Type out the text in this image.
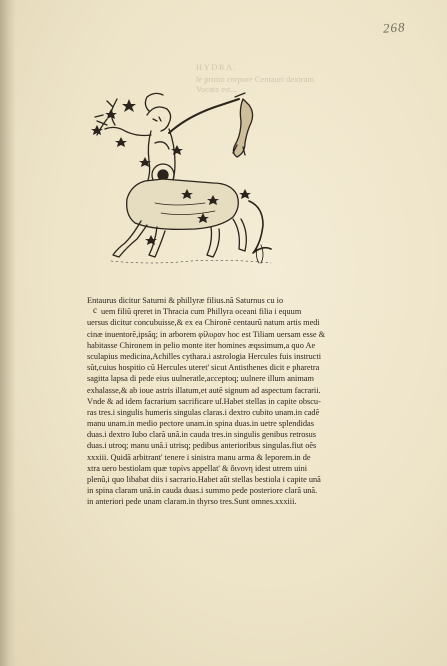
268
HYDRA.
le primo corpore Centauri dextram
Vocata est...
c
Entaurus dicitur Saturni & phillyræ filius.nã Saturnus cu io
uem filiũ qreret in Thracia cum Phillyra oceani filia i equum
uersus dicitur concubuisse,& ex ea Chironẽ centaurũ natum artis medi
cinæ inuentorẽ,ipsãq; in arborem φίλυραν hoc est Tiliam uersam esse &
habitasse Chironem in pelio monte iter homines æqssimum,a quo Ae
sculapius medicina,Achilles cythara.i astrologia Hercules fuis instructi
sũt,cuius hospitio cũ Hercules uteret' sicut Antisthenes dicit e pharetra
sagitta lapsa di pede eius uulneratle,acceptoq; uulnere illum animam
exhalasse,& ab ioue astris illatum,et autẽ signum ad aspectum facrarii.
Vnde & ad idem facrarium sacrificare uſ.Habet stellas in capite obscu-
ras tres.i singulis humeris singulas claras.i dextro cubito unam.in cadẽ
manu unam.in medio pectore unam.in spina duas.in uetre splendidas
duas.i dextro Iubo clarã unã.in cauda tres.in singulis genibus retrosus
duas.i utroq; manu unã.i utrisq; pedibus anterioribus singulas.fiut oẽs
xxxiii. Quidã arbitrant' tenere i sinistra manu arma & leporem.in de
xtra uero bestiolam quæ ταρίνs appellat' & ὄινονη idest utrem uini
plenũ,i quo libabat diis i sacrario.Habet aũt stellas bestiola i capite unã
in spina claram unã.in cauda duas.i summo pede posteriore clarã unã.
in anteriori pede unam claram.in thyrso tres.Sunt omnes.xxxiii.
